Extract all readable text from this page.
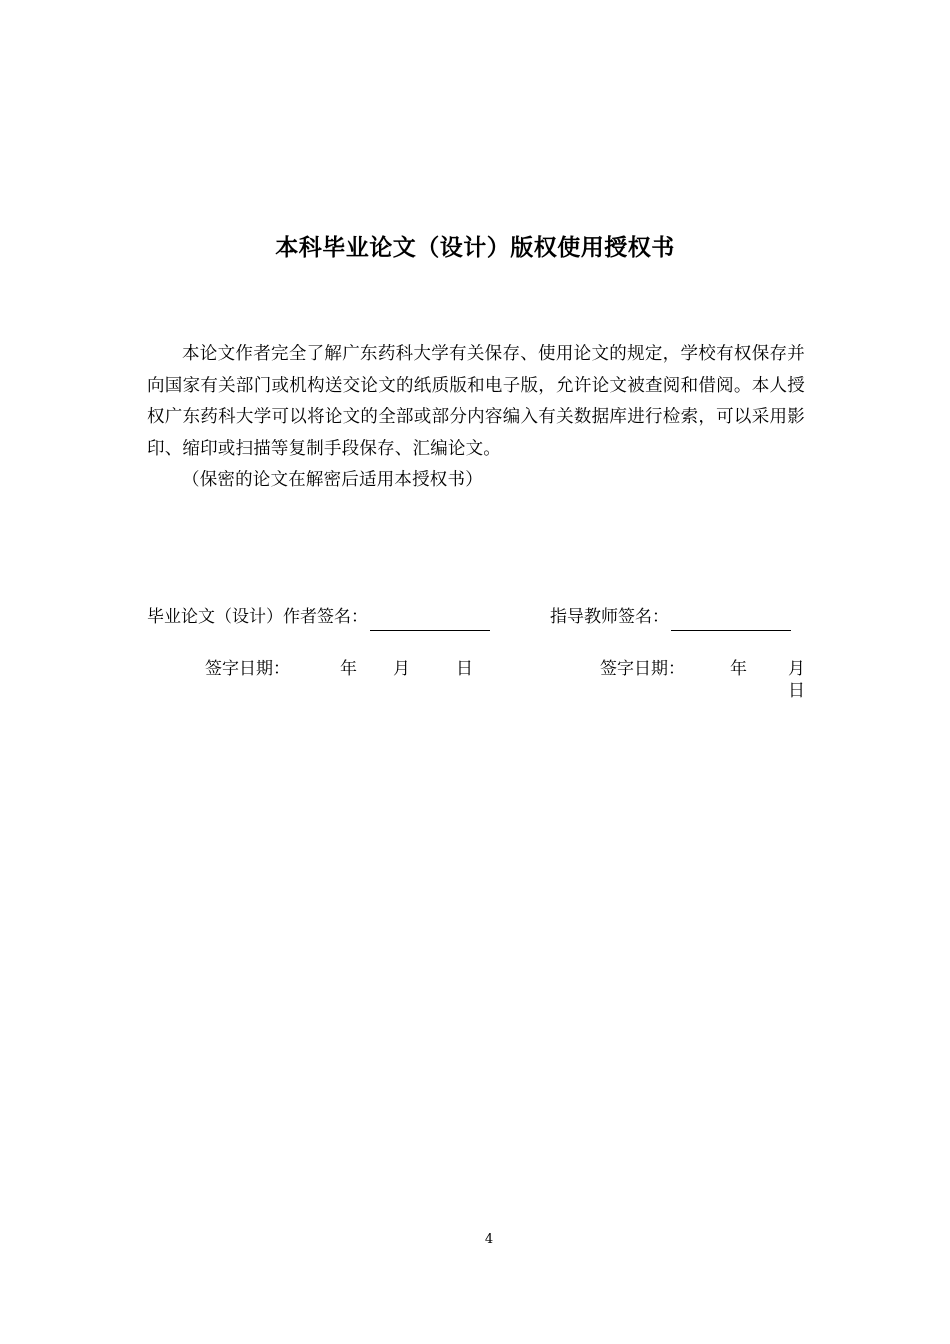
本科毕业论文（设计）版权使用授权书
本论文作者完全了解广东药科大学有关保存、使用论文的规定，学校有权保存并向国家有关部门或机构送交论文的纸质版和电子版，允许论文被查阅和借阅。本人授权广东药科大学可以将论文的全部或部分内容编入有关数据库进行检索，可以采用影印、缩印或扫描等复制手段保存、汇编论文。
（保密的论文在解密后适用本授权书）
毕业论文（设计）作者签名：	指导教师签名：
签字日期：	年 月	日	签字日期：	年 月
日
4
